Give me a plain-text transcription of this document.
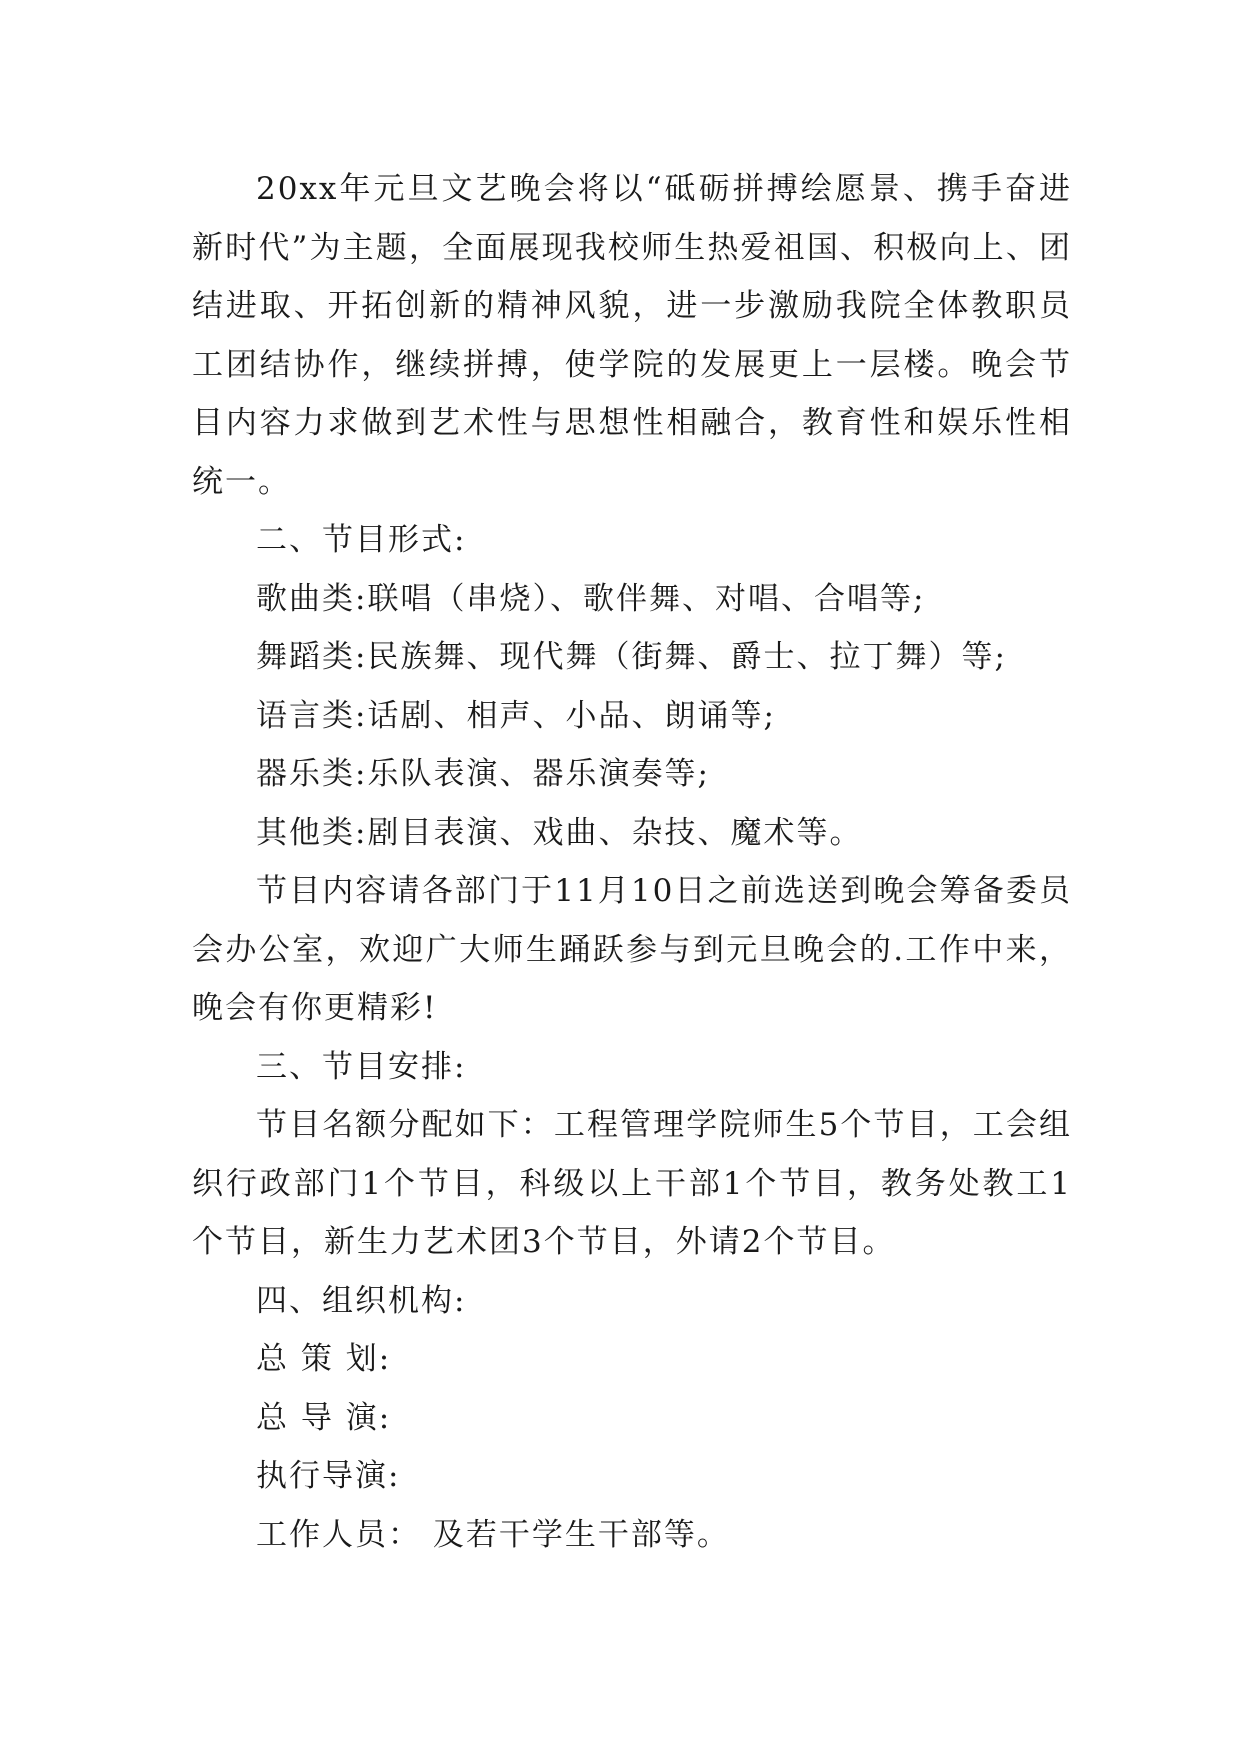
20xx年元旦文艺晚会将以“砥砺拼搏绘愿景、携手奋进新时代”为主题，全面展现我校师生热爱祖国、积极向上、团结进取、开拓创新的精神风貌，进一步激励我院全体教职员工团结协作，继续拼搏，使学院的发展更上一层楼。晚会节目内容力求做到艺术性与思想性相融合，教育性和娱乐性相统一。

二、节目形式:

歌曲类:联唱（串烧）、歌伴舞、对唱、合唱等;

舞蹈类:民族舞、现代舞（街舞、爵士、拉丁舞）等;

语言类:话剧、相声、小品、朗诵等;

器乐类:乐队表演、器乐演奏等;

其他类:剧目表演、戏曲、杂技、魔术等。

节目内容请各部门于11月10日之前选送到晚会筹备委员会办公室，欢迎广大师生踊跃参与到元旦晚会的.工作中来，晚会有你更精彩!

三、节目安排:

节目名额分配如下：工程管理学院师生5个节目，工会组织行政部门1个节目，科级以上干部1个节目，教务处教工1个节目，新生力艺术团3个节目，外请2个节目。

四、组织机构:

总 策 划:

总 导 演:

执行导演:

工作人员： 及若干学生干部等。
